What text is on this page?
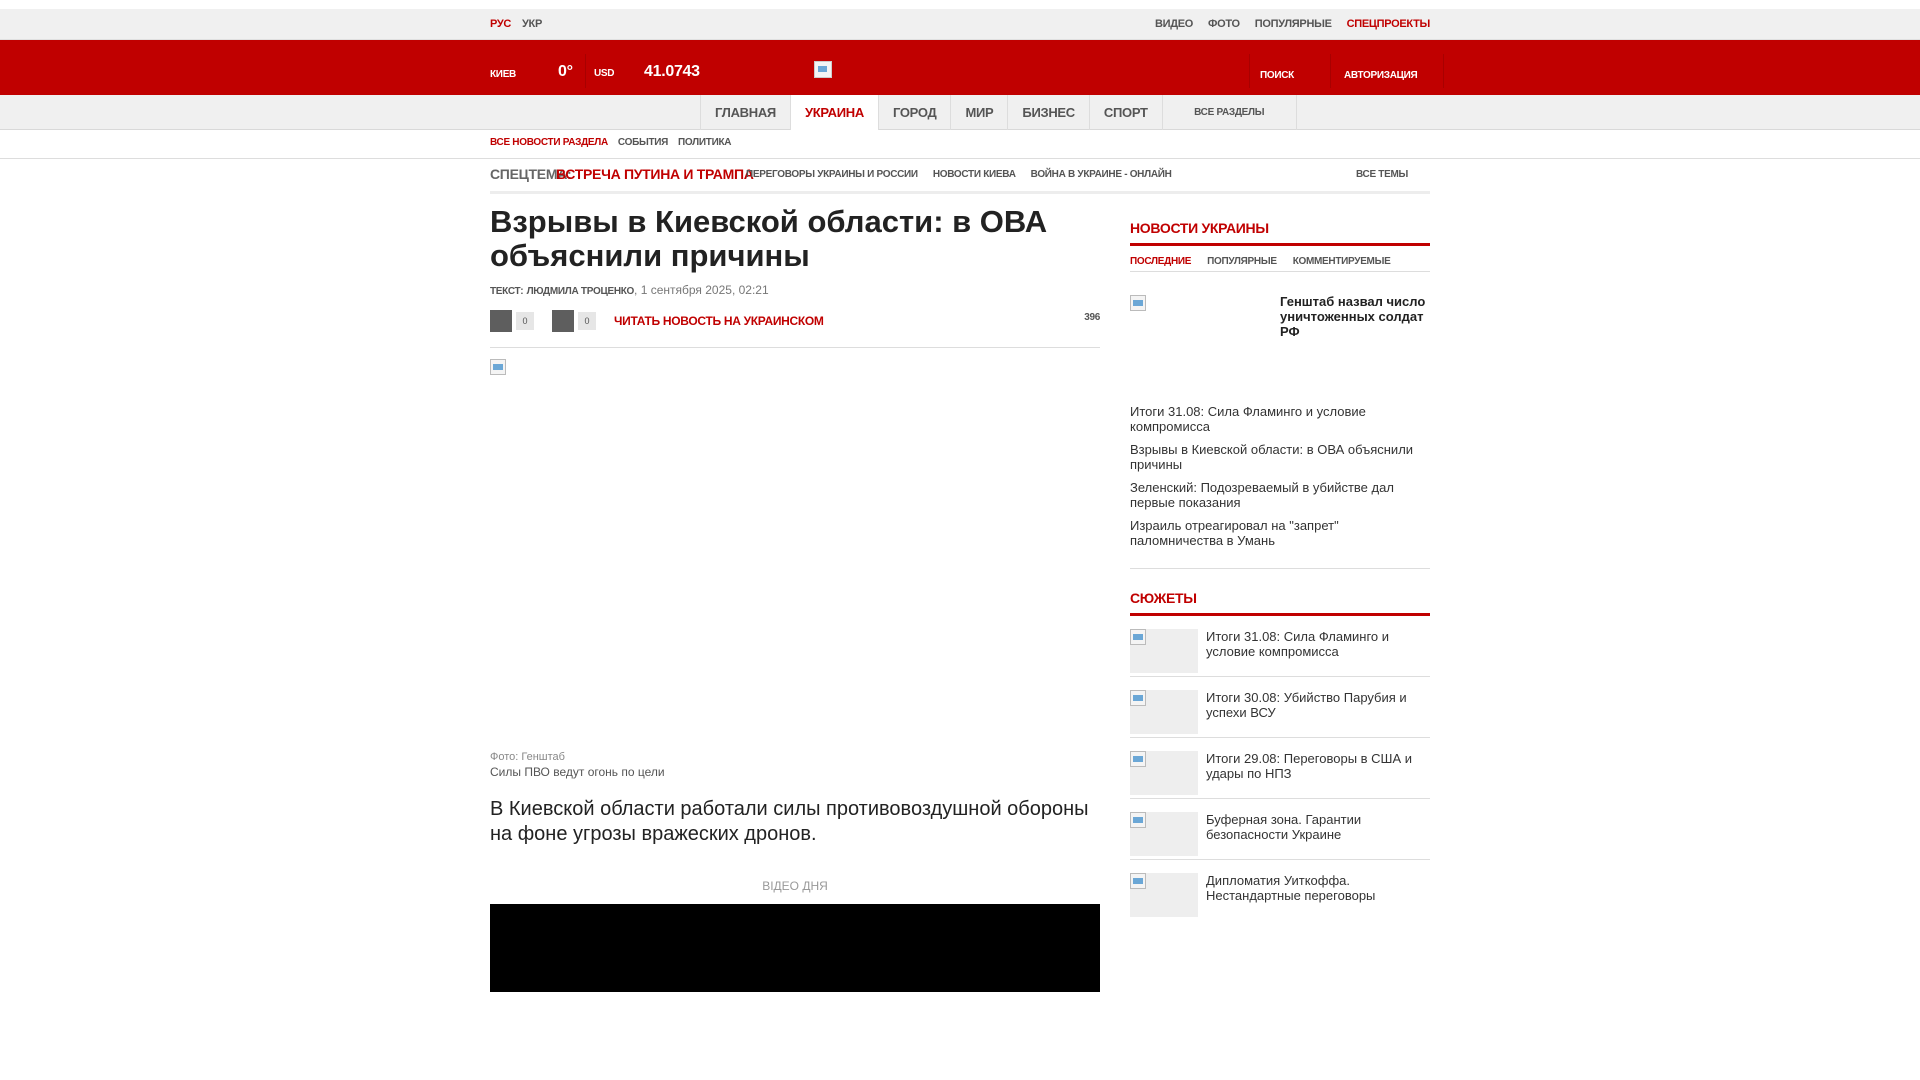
РУС УКР	ВИДЕО ФОТО ПОПУЛЯРНЫЕ СПЕЦПРОЕКТЫ
КИЕВ	0° USD 41.0743	ПОИСК	АВТОРИЗАЦИЯ
ГЛАВНАЯ	УКРАИНА	ГОРОД	МИР	БИЗНЕС	СПОРТ	ВСЕ РАЗДЕЛЫ
ВСЕ НОВОСТИ РАЗДЕЛА СОБЫТИЯ ПОЛИТИКА
СПЕЦТЕМА:
ВСТРЕЧА ПУТИНА И ТРАМПА
ПЕРЕГОВОРЫ УКРАИНЫ И РОССИИ НОВОСТИ КИЕВА ВОЙНА В УКРАИНЕ - ОНЛАЙН	ВСЕ ТЕМЫ
Взрывы в Киевской области: в ОВА объяснили причины
ТЕКСТ: ЛЮДМИЛА ТРОЦЕНКО, 1 сентября 2025, 02:21
0	0	ЧИТАТЬ НОВОСТЬ НА УКРАИНСКОМ	396
Фото: Генштаб
Силы ПВО ведут огонь по цели

В Киевской области работали силы противовоздушной обороны на фоне угрозы вражеских дронов.

ВІДЕО ДНЯ
НОВОСТИ УКРАИНЫ
ПОСЛЕДНИЕ ПОПУЛЯРНЫЕ КОММЕНТИРУЕМЫЕ
Генштаб назвал число уничтоженных солдат РФ
Итоги 31.08: Сила Фламинго и условие компромисса
Взрывы в Киевской области: в ОВА объяснили причины
Зеленский: Подозреваемый в убийстве дал первые показания
Израиль отреагировал на "запрет" паломничества в Умань
СЮЖЕТЫ
Итоги 31.08: Сила Фламинго и условие компромисса
Итоги 30.08: Убийство Парубия и успехи ВСУ
Итоги 29.08: Переговоры в США и удары по НПЗ
Буферная зона. Гарантии безопасности Украине
Дипломатия Уиткоффа. Нестандартные переговоры
